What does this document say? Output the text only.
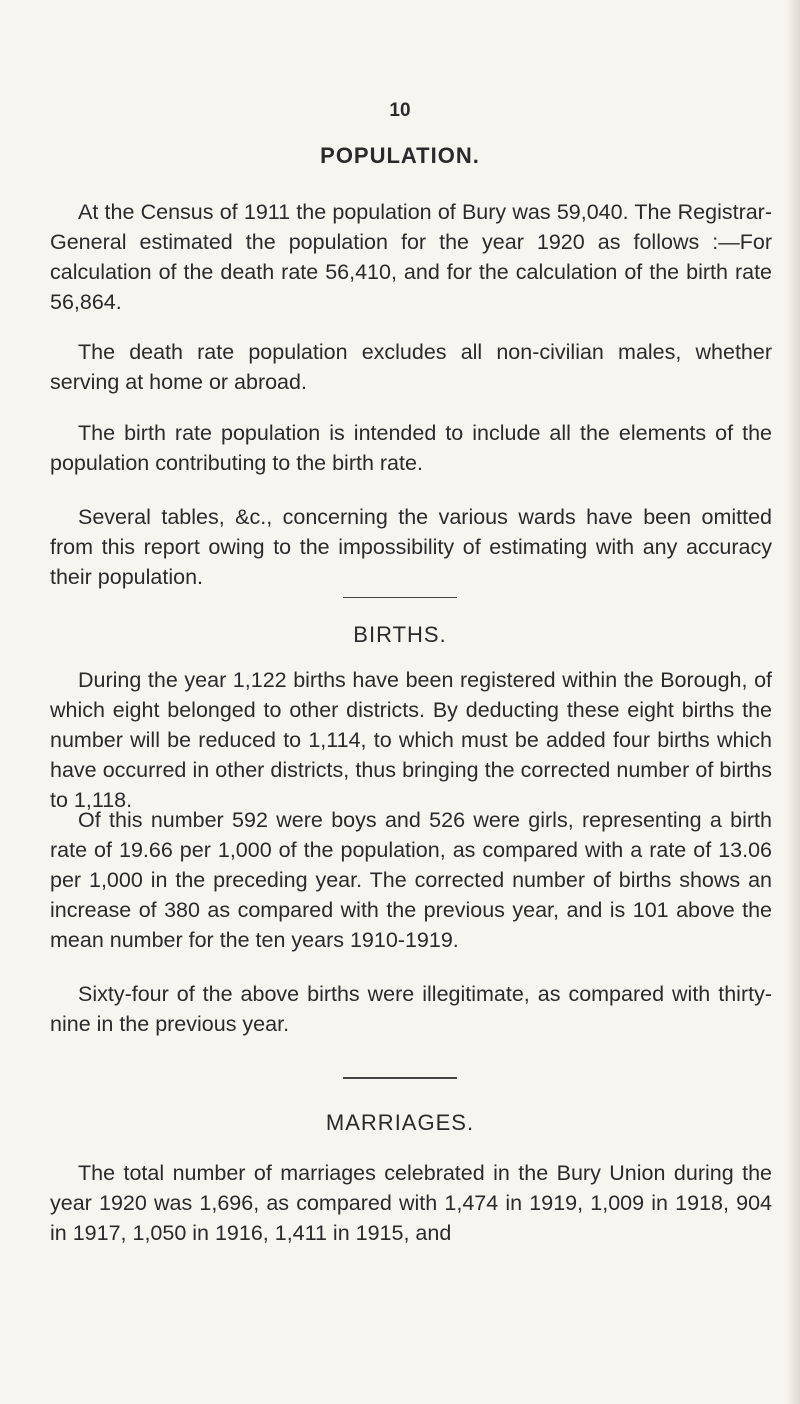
10
POPULATION.

At the Census of 1911 the population of Bury was 59,040. The Registrar-General estimated the population for the year 1920 as follows :—For calculation of the death rate 56,410, and for the calculation of the birth rate 56,864.

The death rate population excludes all non-civilian males, whether serving at home or abroad.

The birth rate population is intended to include all the elements of the population contributing to the birth rate.

Several tables, &c., concerning the various wards have been omitted from this report owing to the impossibility of estimating with any accuracy their population.

BIRTHS.

During the year 1,122 births have been registered within the Borough, of which eight belonged to other districts. By deducting these eight births the number will be reduced to 1,114, to which must be added four births which have occurred in other districts, thus bringing the corrected number of births to 1,118.

Of this number 592 were boys and 526 were girls, representing a birth rate of 19.66 per 1,000 of the population, as compared with a rate of 13.06 per 1,000 in the preceding year. The corrected number of births shows an increase of 380 as compared with the previous year, and is 101 above the mean number for the ten years 1910-1919.

Sixty-four of the above births were illegitimate, as compared with thirty-nine in the previous year.

MARRIAGES.

The total number of marriages celebrated in the Bury Union during the year 1920 was 1,696, as compared with 1,474 in 1919, 1,009 in 1918, 904 in 1917, 1,050 in 1916, 1,411 in 1915, and
